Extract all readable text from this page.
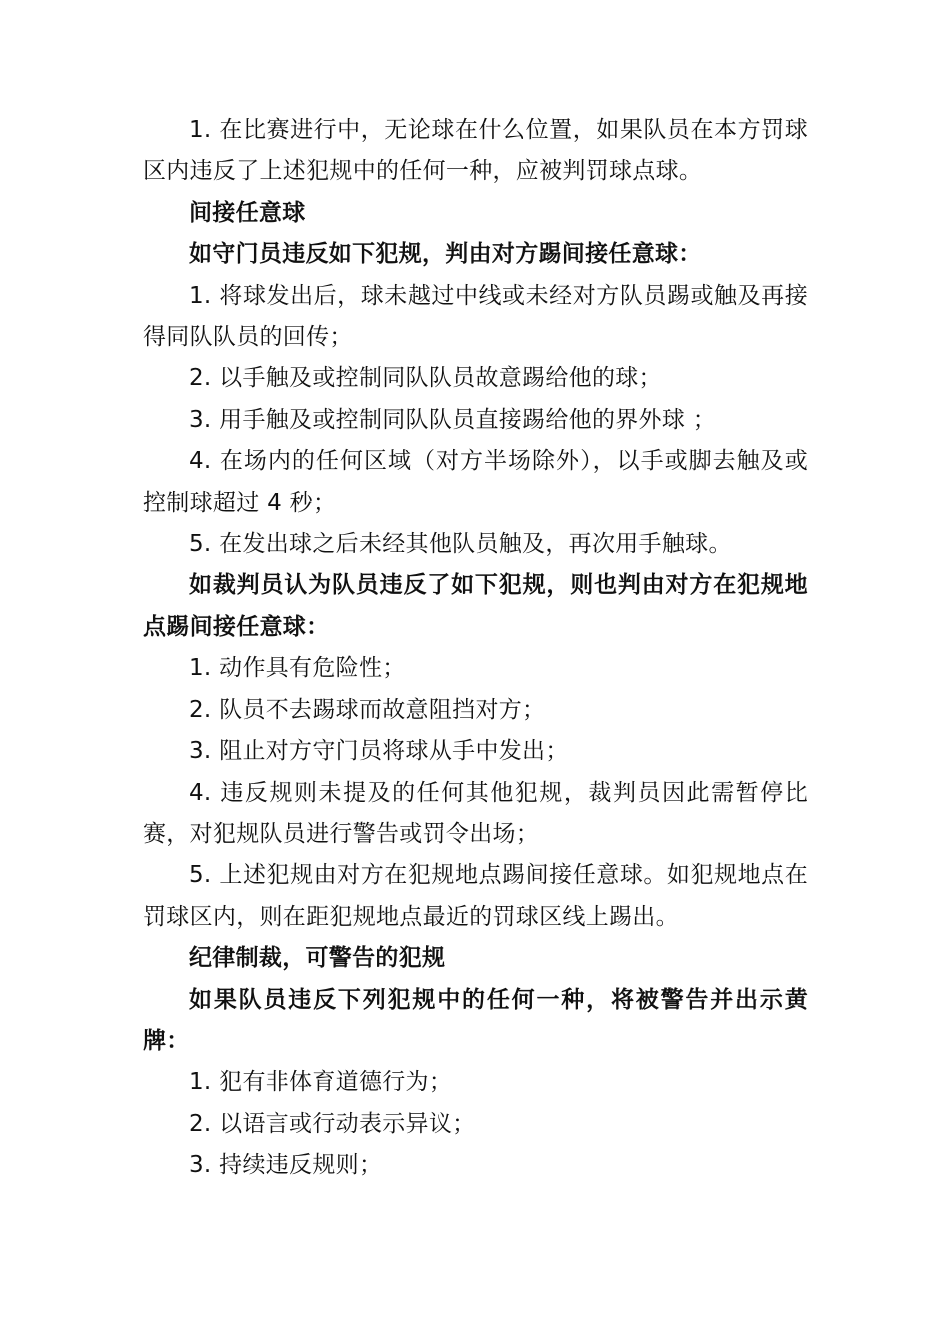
1. 在比赛进行中，无论球在什么位置，如果队员在本方罚球区内违反了上述犯规中的任何一种，应被判罚球点球。

间接任意球

如守门员违反如下犯规，判由对方踢间接任意球：

1. 将球发出后，球未越过中线或未经对方队员踢或触及再接得同队队员的回传；

2. 以手触及或控制同队队员故意踢给他的球；

3. 用手触及或控制同队队员直接踢给他的界外球 ；

4. 在场内的任何区域（对方半场除外），以手或脚去触及或控制球超过 4 秒；

5. 在发出球之后未经其他队员触及，再次用手触球。

如裁判员认为队员违反了如下犯规，则也判由对方在犯规地点踢间接任意球：

1. 动作具有危险性；

2. 队员不去踢球而故意阻挡对方；

3. 阻止对方守门员将球从手中发出；

4. 违反规则未提及的任何其他犯规，裁判员因此需暂停比赛，对犯规队员进行警告或罚令出场；

5. 上述犯规由对方在犯规地点踢间接任意球。如犯规地点在罚球区内，则在距犯规地点最近的罚球区线上踢出。

纪律制裁，可警告的犯规

如果队员违反下列犯规中的任何一种，将被警告并出示黄牌：

1. 犯有非体育道德行为；

2. 以语言或行动表示异议；

3. 持续违反规则；
